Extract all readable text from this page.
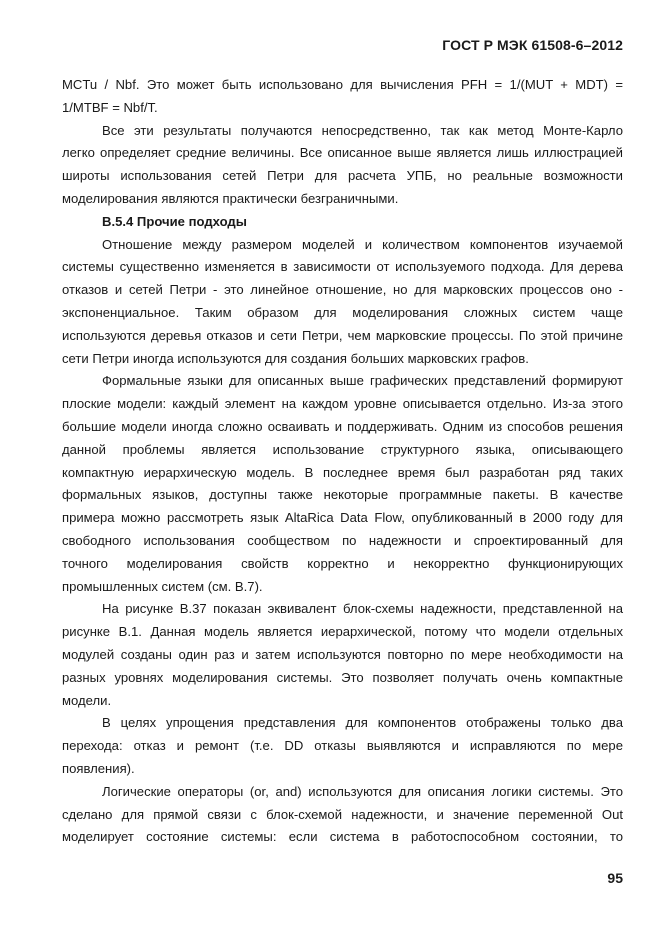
ГОСТ Р МЭК 61508-6–2012
MCTu / Nbf. Это может быть использовано для вычисления PFH = 1/(MUT + MDT) =
1/MTBF = Nbf/T.
Все эти результаты получаются непосредственно, так как метод Монте-Карло
легко определяет средние величины. Все описанное выше является лишь иллюстрацией
широты использования сетей Петри для расчета УПБ, но реальные возможности
моделирования являются практически безграничными.
В.5.4 Прочие подходы
Отношение между размером моделей и количеством компонентов изучаемой
системы существенно изменяется в зависимости от используемого подхода. Для дерева
отказов и сетей Петри - это линейное отношение, но для марковских процессов оно -
экспоненциальное. Таким образом для моделирования сложных систем чаще
используются деревья отказов и сети Петри, чем марковские процессы. По этой причине
сети Петри иногда используются для создания больших марковских графов.
Формальные языки для описанных выше графических представлений формируют
плоские модели: каждый элемент на каждом уровне описывается отдельно. Из-за этого
большие модели иногда сложно осваивать и поддерживать. Одним из способов решения
данной проблемы является использование структурного языка, описывающего
компактную иерархическую модель. В последнее время был разработан ряд таких
формальных языков, доступны также некоторые программные пакеты. В качестве
примера можно рассмотреть язык AltaRica Data Flow, опубликованный в 2000 году для
свободного использования сообществом по надежности и спроектированный для
точного моделирования свойств корректно и некорректно функционирующих
промышленных систем (см. В.7).
На рисунке В.37 показан эквивалент блок-схемы надежности, представленной на
рисунке В.1. Данная модель является иерархической, потому что модели отдельных
модулей созданы один раз и затем используются повторно по мере необходимости на
разных уровнях моделирования системы. Это позволяет получать очень компактные
модели.
В целях упрощения представления для компонентов отображены только два
перехода: отказ и ремонт (т.е. DD отказы выявляются и исправляются по мере
появления).
Логические операторы (or, and) используются для описания логики системы. Это
сделано для прямой связи с блок-схемой надежности, и значение переменной Out
моделирует состояние системы: если система в работоспособном состоянии, то
95
